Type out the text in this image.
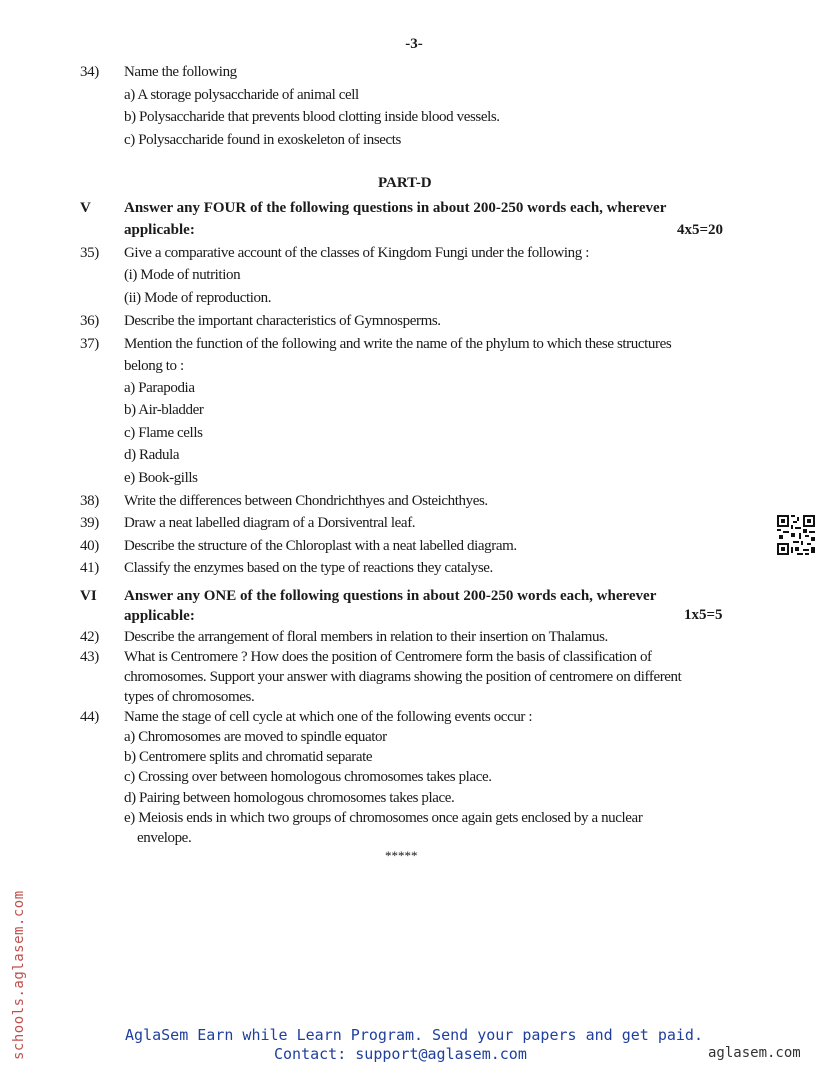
-3-
34)	Name the following
a) A storage polysaccharide of animal cell
b) Polysaccharide that prevents blood clotting inside blood vessels.
c) Polysaccharide found in exoskeleton of insects
PART-D
V Answer any FOUR of the following questions in about 200-250 words each, wherever
applicable:	4x5=20
35)	Give a comparative account of the classes of Kingdom Fungi under the following :
(i) Mode of nutrition
(ii) Mode of reproduction.
36)	Describe the important characteristics of Gymnosperms.
37)	Mention the function of the following and write the name of the phylum to which these structures
belong to :
a) Parapodia
b) Air-bladder
c) Flame cells
d) Radula
e) Book-gills
38)	Write the differences between Chondrichthyes and Osteichthyes.
39)	Draw a neat labelled diagram of a Dorsiventral leaf.
40)	Describe the structure of the Chloroplast with a neat labelled diagram.
41)	Classify the enzymes based on the type of reactions they catalyse.
VI Answer any ONE of the following questions in about 200-250 words each, wherever
applicable:	1x5=5
42)	Describe the arrangement of floral members in relation to their insertion on Thalamus.
43)	What is Centromere ? How does the position of Centromere form the basis of classification of
chromosomes. Support your answer with diagrams showing the position of centromere on different
types of chromosomes.
44)	Name the stage of cell cycle at which one of the following events occur :
a) Chromosomes are moved to spindle equator
b) Centromere splits and chromatid separate
c) Crossing over between homologous chromosomes takes place.
d) Pairing between homologous chromosomes takes place.
e) Meiosis ends in which two groups of chromosomes once again gets enclosed by a nuclear
envelope.
*****
schools.aglasem.com	AglaSem Earn while Learn Program. Send your papers and get paid.
Contact: support@aglasem.com	aglasem.com
